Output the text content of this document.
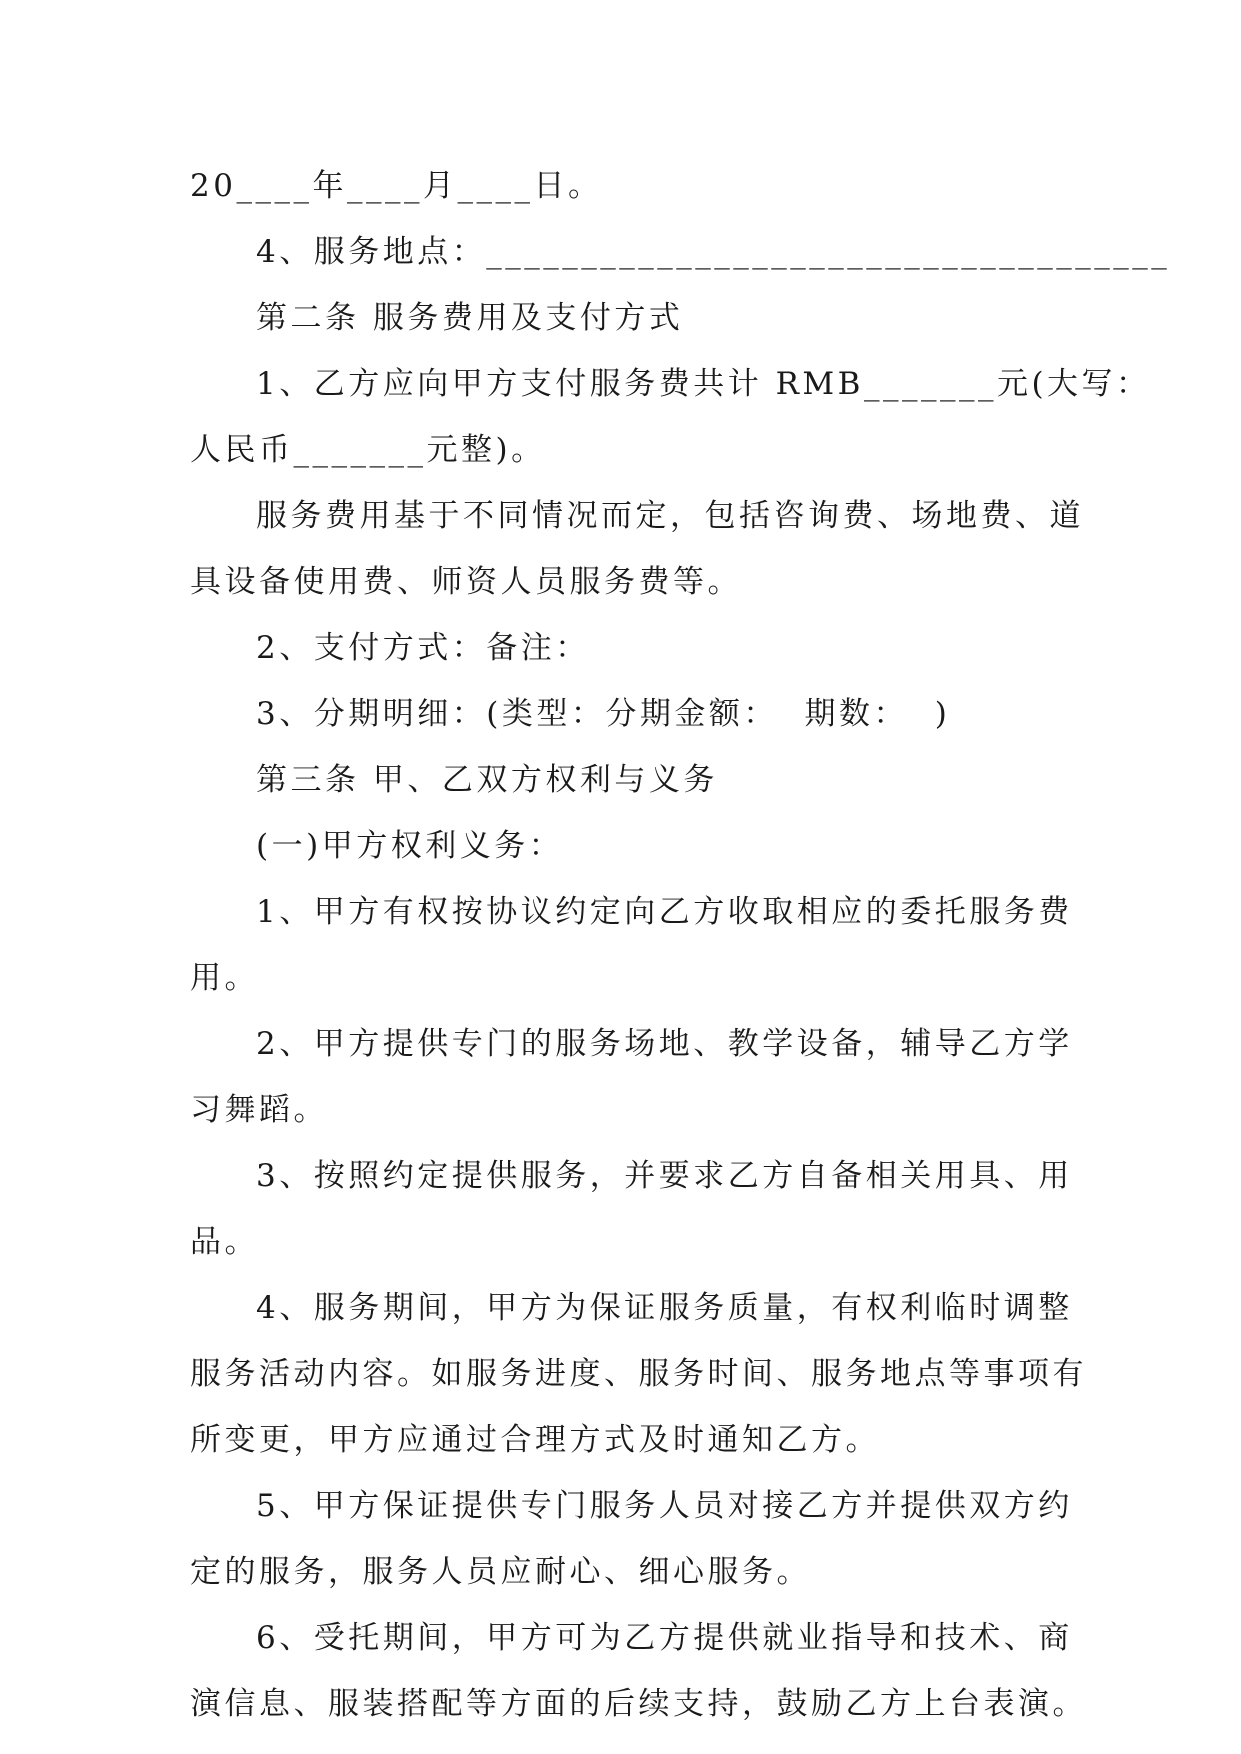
20____年____月____日。
4、服务地点：____________________________________
第二条 服务费用及支付方式
1、乙方应向甲方支付服务费共计 RMB_______元(大写：
人民币_______元整)。
服务费用基于不同情况而定，包括咨询费、场地费、道
具设备使用费、师资人员服务费等。
2、支付方式：备注：
3、分期明细：(类型：分期金额：  期数：  )
第三条 甲、乙双方权利与义务
(一)甲方权利义务：
1、甲方有权按协议约定向乙方收取相应的委托服务费
用。
2、甲方提供专门的服务场地、教学设备，辅导乙方学
习舞蹈。
3、按照约定提供服务，并要求乙方自备相关用具、用
品。
4、服务期间，甲方为保证服务质量，有权利临时调整
服务活动内容。如服务进度、服务时间、服务地点等事项有
所变更，甲方应通过合理方式及时通知乙方。
5、甲方保证提供专门服务人员对接乙方并提供双方约
定的服务，服务人员应耐心、细心服务。
6、受托期间，甲方可为乙方提供就业指导和技术、商
演信息、服装搭配等方面的后续支持，鼓励乙方上台表演。
